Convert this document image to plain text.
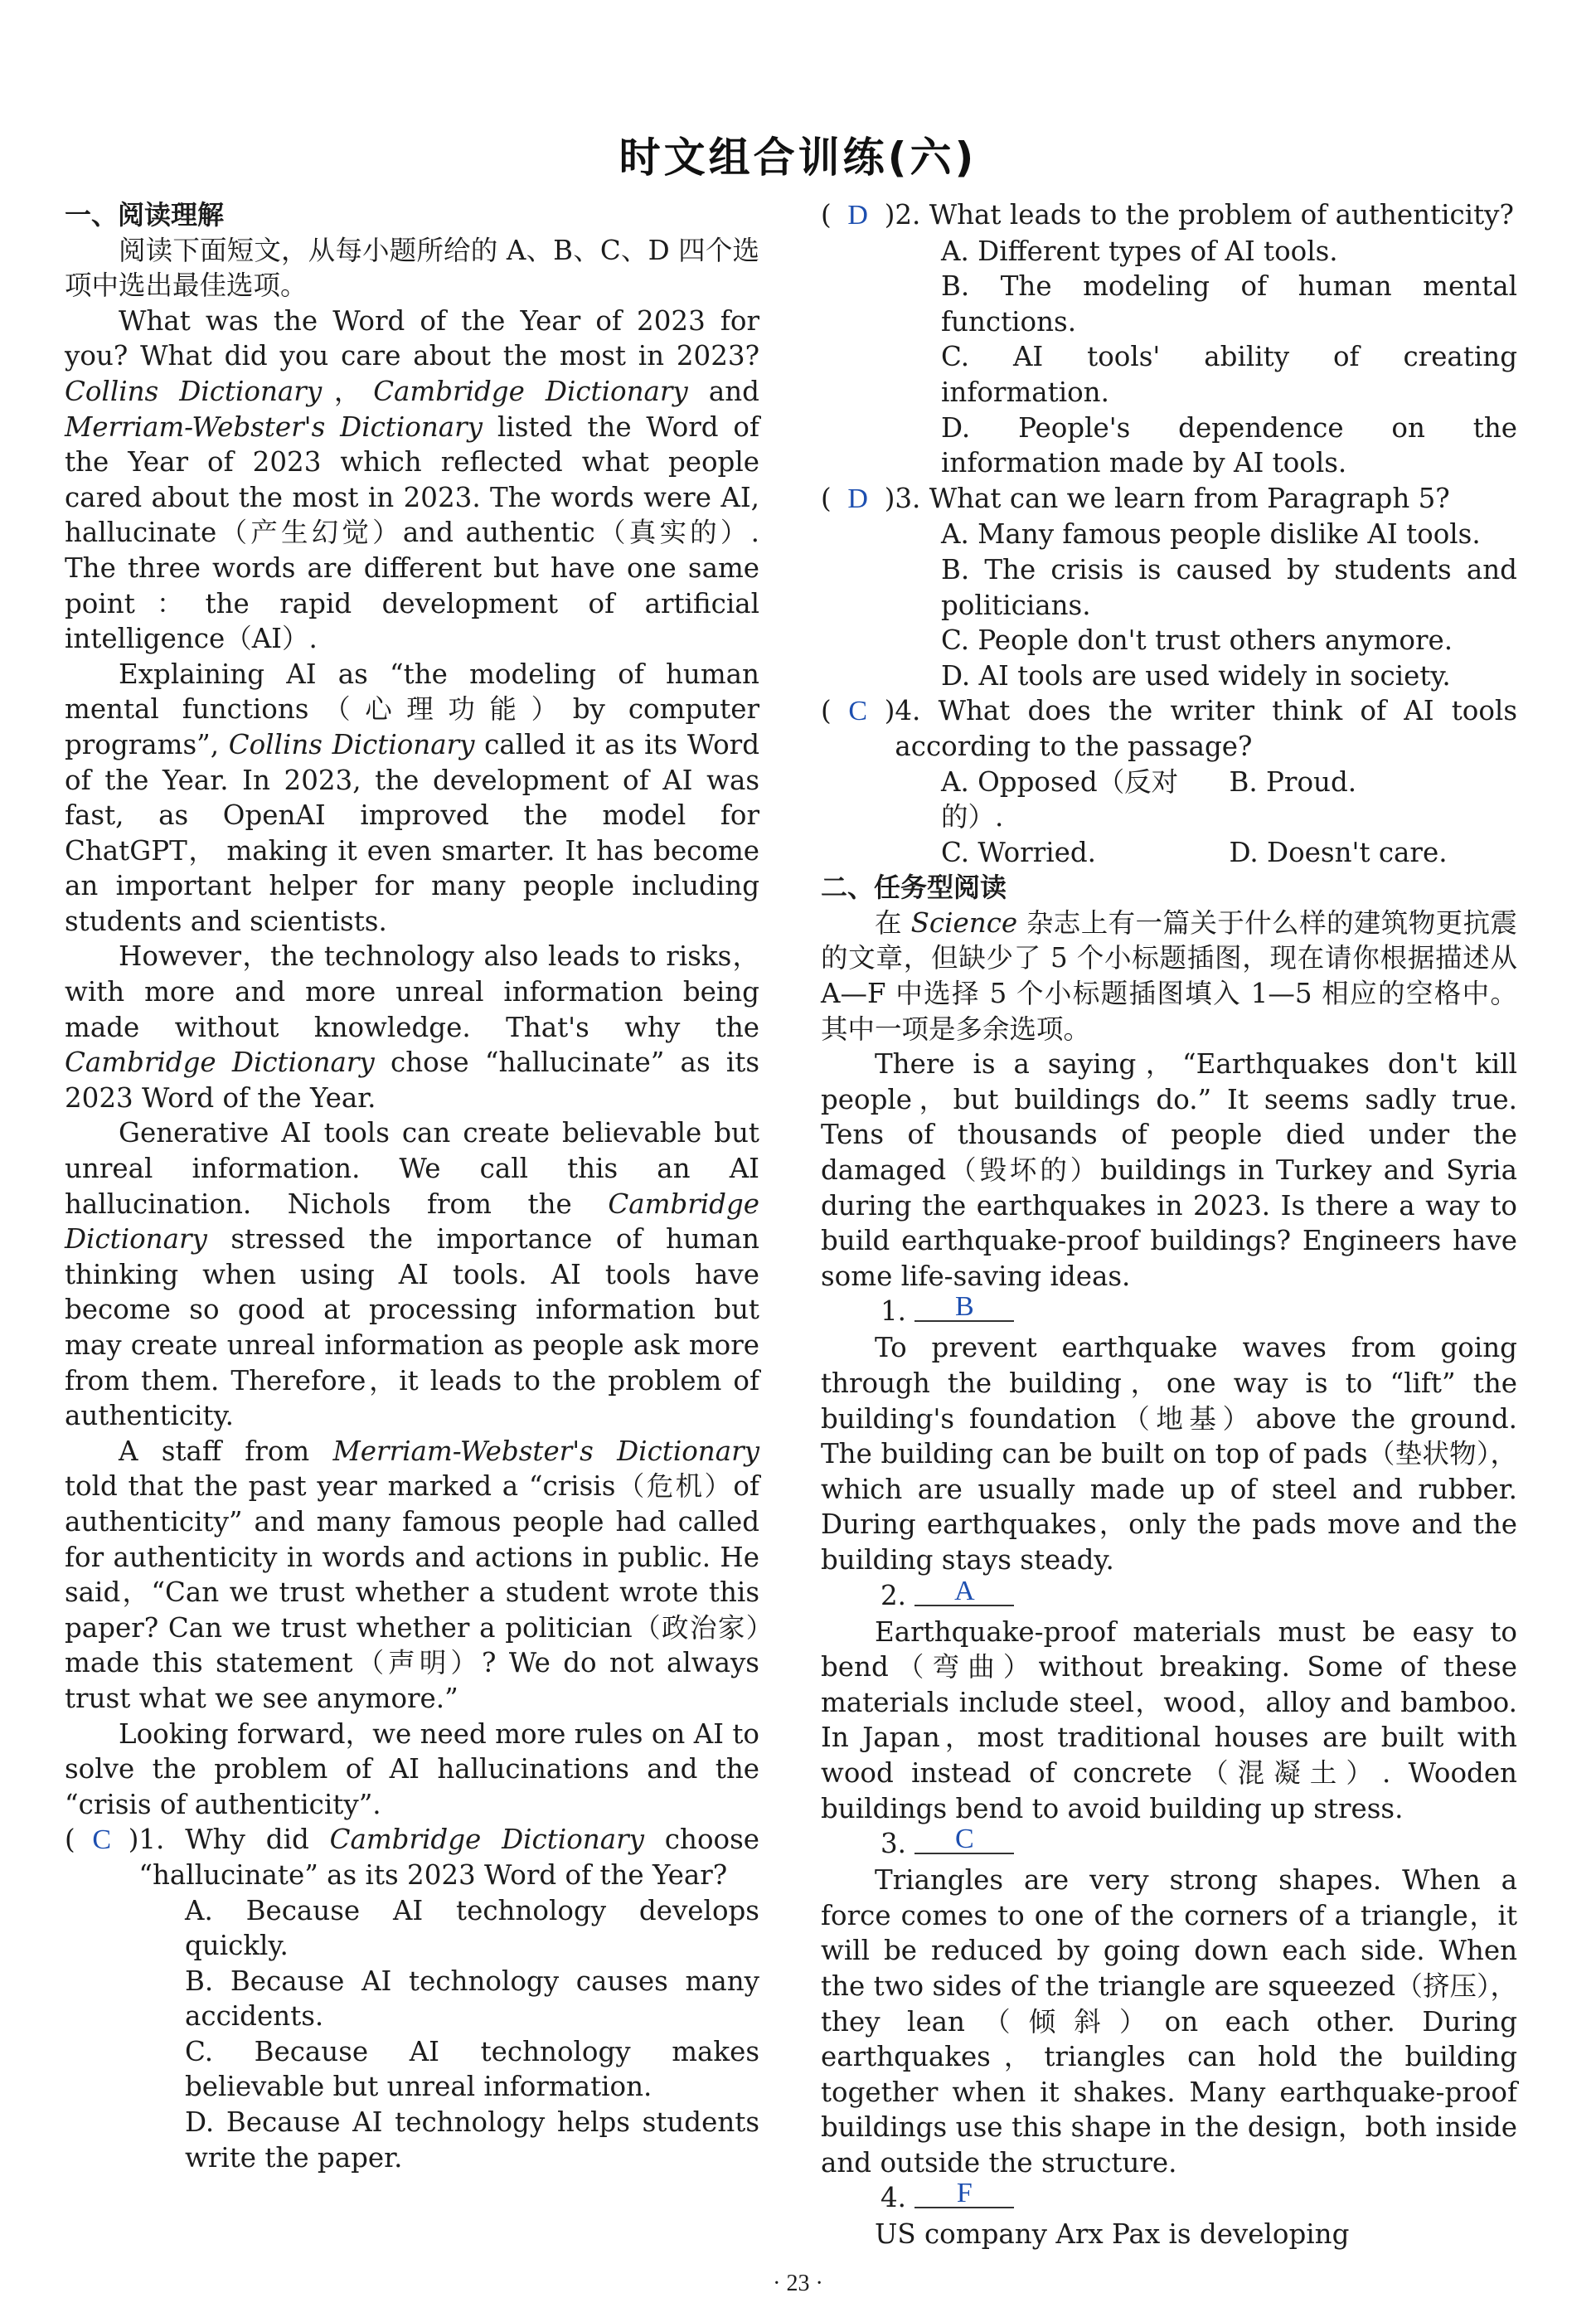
时文组合训练(六)
一、阅读理解
阅读下面短文，从每小题所给的 A、B、C、D 四个选项中选出最佳选项。
What was the Word of the Year of 2023 for you? What did you care about the most in 2023? Collins Dictionary，Cambridge Dictionary and Merriam-Webster's Dictionary listed the Word of the Year of 2023 which reflected what people cared about the most in 2023. The words were AI, hallucinate（产生幻觉）and authentic（真实的）. The three words are different but have one same point：the rapid development of artificial intelligence（AI）.
Explaining AI as “the modeling of human mental functions（心理功能）by computer programs”, Collins Dictionary called it as its Word of the Year. In 2023, the development of AI was fast, as OpenAI improved the model for ChatGPT， making it even smarter. It has become an important helper for many people including students and scientists.
However，the technology also leads to risks，with more and more unreal information being made without knowledge. That's why the Cambridge Dictionary chose “hallucinate” as its 2023 Word of the Year.
Generative AI tools can create believable but unreal information. We call this an AI hallucination. Nichols from the Cambridge Dictionary stressed the importance of human thinking when using AI tools. AI tools have become so good at processing information but may create unreal information as people ask more from them. Therefore，it leads to the problem of authenticity.
A staff from Merriam-Webster's Dictionary told that the past year marked a “crisis（危机）of authenticity” and many famous people had called for authenticity in words and actions in public. He said，“Can we trust whether a student wrote this paper? Can we trust whether a politician（政治家）made this statement（声明）? We do not always trust what we see anymore.”
Looking forward，we need more rules on AI to solve the problem of AI hallucinations and the “crisis of authenticity”.
( C ) 1. Why did Cambridge Dictionary choose “hallucinate” as its 2023 Word of the Year?
A. Because AI technology develops quickly.
B. Because AI technology causes many accidents.
C. Because AI technology makes believable but unreal information.
D. Because AI technology helps students write the paper.
( D ) 2. What leads to the problem of authenticity?
A. Different types of AI tools.
B. The modeling of human mental functions.
C. AI tools' ability of creating information.
D. People's dependence on the information made by AI tools.
( D ) 3. What can we learn from Paragraph 5?
A. Many famous people dislike AI tools.
B. The crisis is caused by students and politicians.
C. People don't trust others anymore.
D. AI tools are used widely in society.
( C ) 4. What does the writer think of AI tools according to the passage?
A. Opposed（反对的）.
B. Proud.
C. Worried.	D. Doesn't care.
二、任务型阅读
在 Science 杂志上有一篇关于什么样的建筑物更抗震的文章，但缺少了 5 个小标题插图，现在请你根据描述从 A—F 中选择 5 个小标题插图填入 1—5 相应的空格中。其中一项是多余选项。
There is a saying，“Earthquakes don't kill people，but buildings do.” It seems sadly true. Tens of thousands of people died under the damaged（毁坏的）buildings in Turkey and Syria during the earthquakes in 2023. Is there a way to build earthquake-proof buildings? Engineers have some life-saving ideas.
1. B
To prevent earthquake waves from going through the building，one way is to “lift” the building's foundation（地基）above the ground. The building can be built on top of pads（垫状物），which are usually made up of steel and rubber. During earthquakes，only the pads move and the building stays steady.
2. A
Earthquake-proof materials must be easy to bend（弯曲）without breaking. Some of these materials include steel，wood，alloy and bamboo. In Japan，most traditional houses are built with wood instead of concrete（混凝土）. Wooden buildings bend to avoid building up stress.
3. C
Triangles are very strong shapes. When a force comes to one of the corners of a triangle，it will be reduced by going down each side. When the two sides of the triangle are squeezed（挤压），they lean（倾斜）on each other. During earthquakes，triangles can hold the building together when it shakes. Many earthquake-proof buildings use this shape in the design，both inside and outside the structure.
4. F
US company Arx Pax is developing
· 23 ·
